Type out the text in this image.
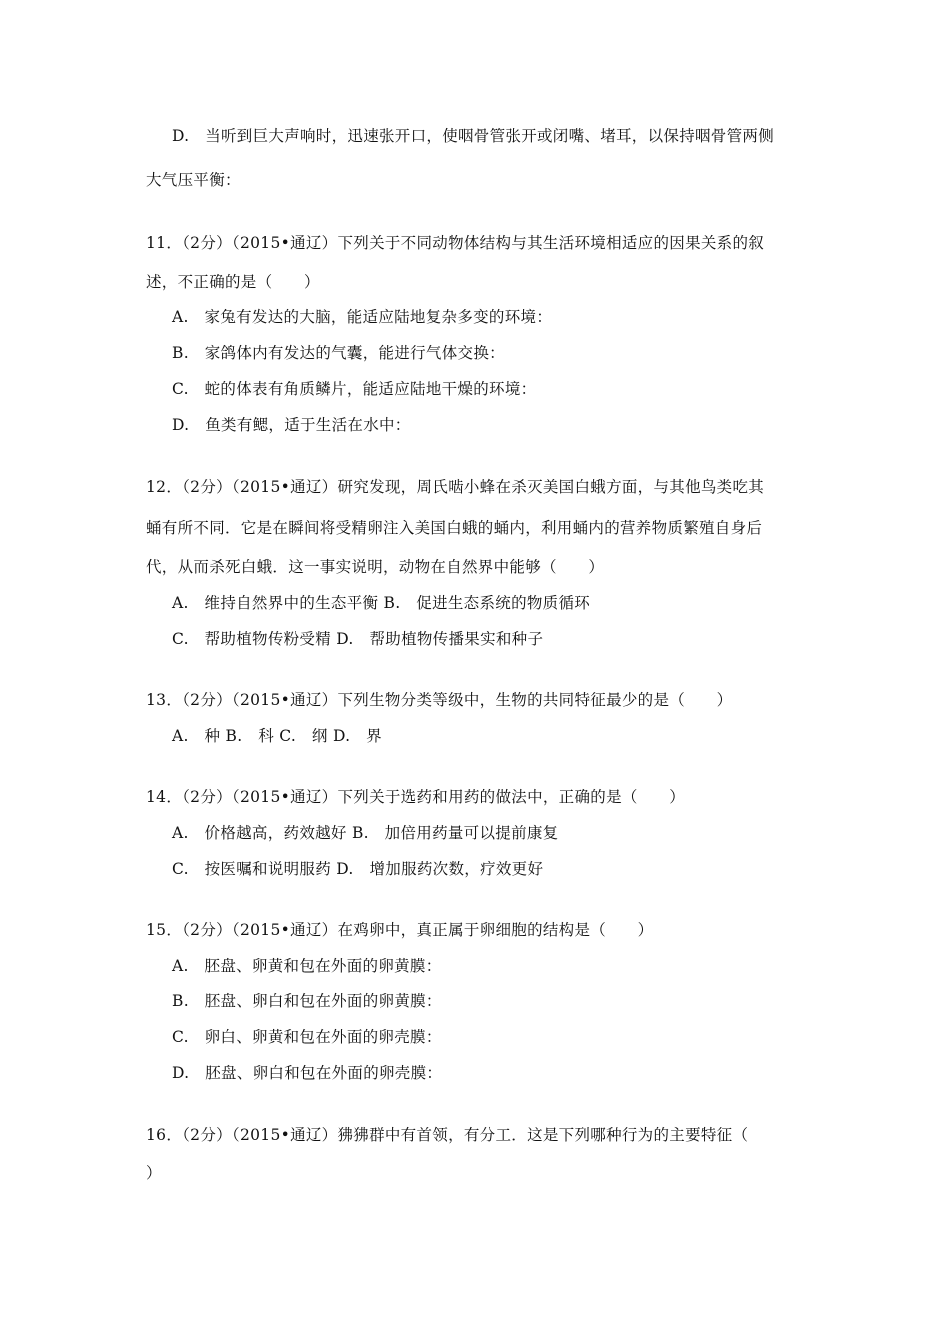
D.　当听到巨大声响时，迅速张开口，使咽骨管张开或闭嘴、堵耳，以保持咽骨管两侧
大气压平衡：
11．（2分）（2015•通辽）下列关于不同动物体结构与其生活环境相适应的因果关系的叙
述，不正确的是（　　）
A.　家兔有发达的大脑，能适应陆地复杂多变的环境：
B.　家鸽体内有发达的气囊，能进行气体交换：
C.　蛇的体表有角质鳞片，能适应陆地干燥的环境：
D.　鱼类有鳃，适于生活在水中：
12．（2分）（2015•通辽）研究发现，周氏啮小蜂在杀灭美国白蛾方面，与其他鸟类吃其
蛹有所不同．它是在瞬间将受精卵注入美国白蛾的蛹内，利用蛹内的营养物质繁殖自身后
代，从而杀死白蛾．这一事实说明，动物在自然界中能够（　　）
A.　维持自然界中的生态平衡 B.　促进生态系统的物质循环
C.　帮助植物传粉受精 D.　帮助植物传播果实和种子
13．（2分）（2015•通辽）下列生物分类等级中，生物的共同特征最少的是（　　）
A.　种 B.　科 C.　纲 D.　界
14．（2分）（2015•通辽）下列关于选药和用药的做法中，正确的是（　　）
A.　价格越高，药效越好 B.　加倍用药量可以提前康复
C.　按医嘱和说明服药 D.　增加服药次数，疗效更好
15．（2分）（2015•通辽）在鸡卵中，真正属于卵细胞的结构是（　　）
A.　胚盘、卵黄和包在外面的卵黄膜：
B.　胚盘、卵白和包在外面的卵黄膜：
C.　卵白、卵黄和包在外面的卵壳膜：
D.　胚盘、卵白和包在外面的卵壳膜：
16．（2分）（2015•通辽）狒狒群中有首领，有分工．这是下列哪种行为的主要特征（
）
